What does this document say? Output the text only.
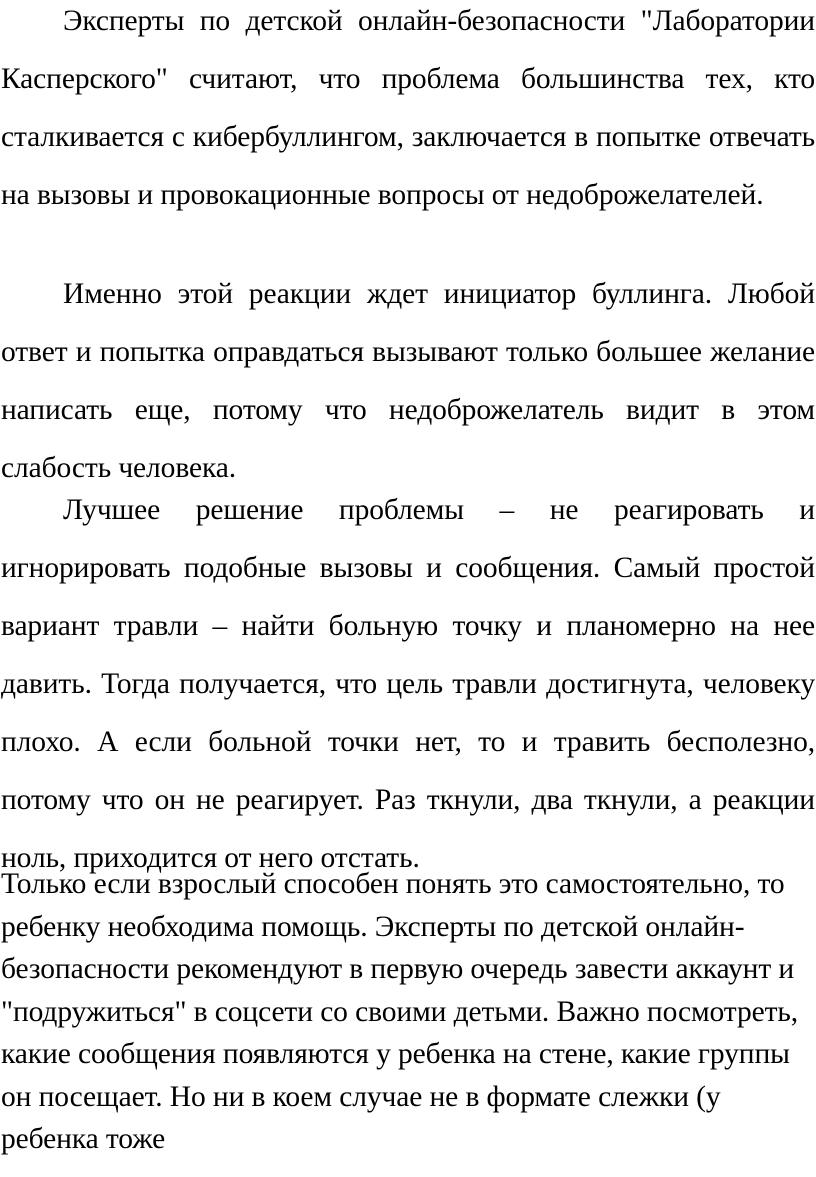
Эксперты по детской онлайн-безопасности "Лаборатории Касперского" считают, что проблема большинства тех, кто сталкивается с кибербуллингом, заключается в попытке отвечать на вызовы и провокационные вопросы от недоброжелателей.

Именно этой реакции ждет инициатор буллинга. Любой ответ и попытка оправдаться вызывают только большее желание написать еще, потому что недоброжелатель видит в этом слабость человека.

Лучшее решение проблемы – не реагировать и игнорировать подобные вызовы и сообщения. Самый простой вариант травли – найти больную точку и планомерно на нее давить. Тогда получается, что цель травли достигнута, человеку плохо. А если больной точки нет, то и травить бесполезно, потому что он не реагирует. Раз ткнули, два ткнули, а реакции ноль, приходится от него отстать.

Только если взрослый способен понять это самостоятельно, то ребенку необходима помощь. Эксперты по детской онлайн-безопасности рекомендуют в первую очередь завести аккаунт и "подружиться" в соцсети со своими детьми. Важно посмотреть, какие сообщения появляются у ребенка на стене, какие группы он посещает. Но ни в коем случае не в формате слежки (у ребенка тоже
